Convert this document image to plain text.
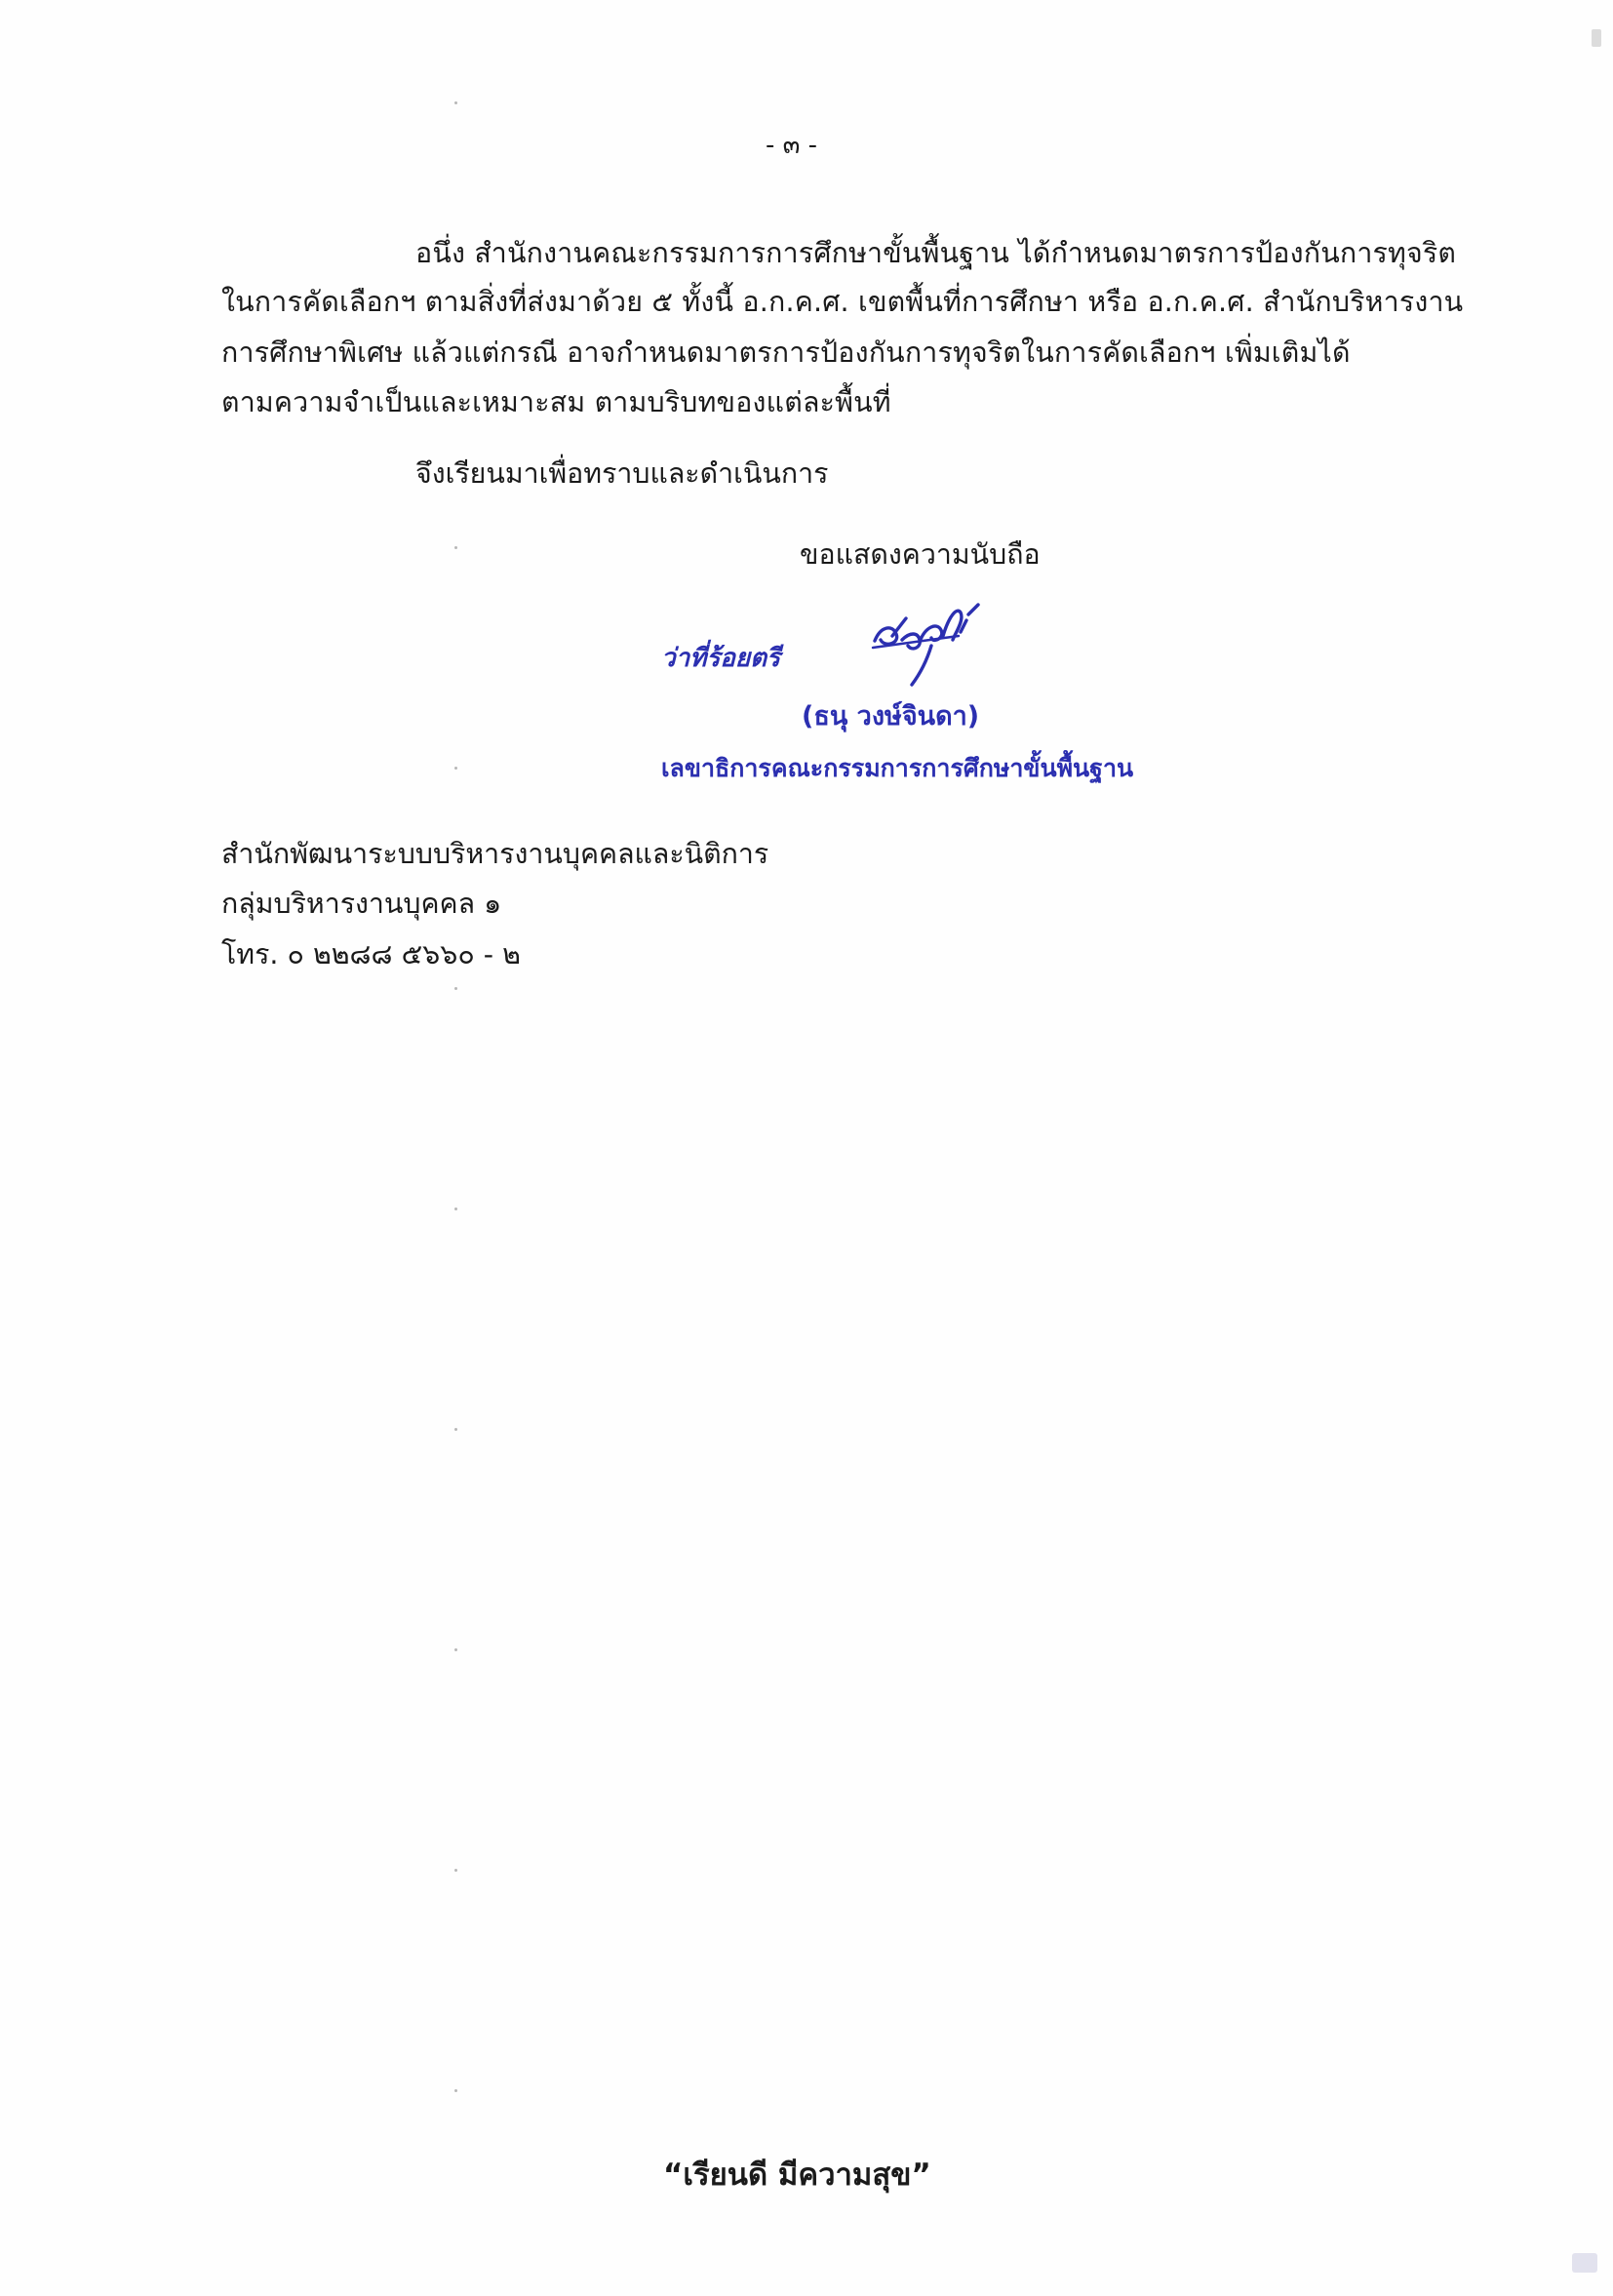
- ๓ -
อนึ่ง สำนักงานคณะกรรมการการศึกษาขั้นพื้นฐาน ได้กำหนดมาตรการป้องกันการทุจริต
ในการคัดเลือกฯ ตามสิ่งที่ส่งมาด้วย ๕ ทั้งนี้ อ.ก.ค.ศ. เขตพื้นที่การศึกษา หรือ อ.ก.ค.ศ. สำนักบริหารงาน
การศึกษาพิเศษ แล้วแต่กรณี อาจกำหนดมาตรการป้องกันการทุจริตในการคัดเลือกฯ เพิ่มเติมได้
ตามความจำเป็นและเหมาะสม ตามบริบทของแต่ละพื้นที่
จึงเรียนมาเพื่อทราบและดำเนินการ
ขอแสดงความนับถือ
ว่าที่ร้อยตรี
(ธนุ วงษ์จินดา)
เลขาธิการคณะกรรมการการศึกษาขั้นพื้นฐาน
สำนักพัฒนาระบบบริหารงานบุคคลและนิติการ
กลุ่มบริหารงานบุคคล ๑
โทร. ๐ ๒๒๘๘ ๕๖๖๐ - ๒
“เรียนดี มีความสุข”
